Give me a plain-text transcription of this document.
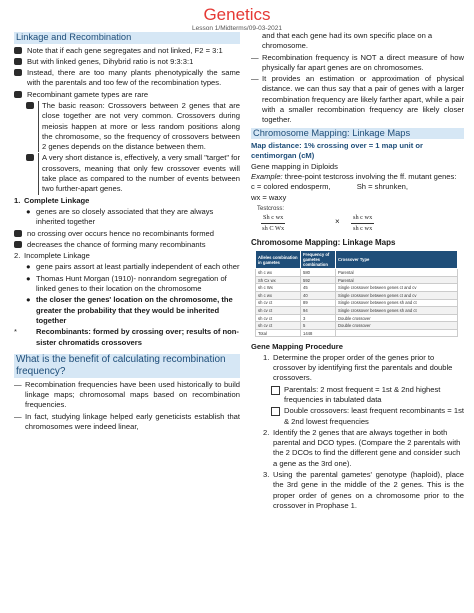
Genetics
Lesson 1/Midterms/09-03-2021
Linkage and Recombination
Note that if each gene segregates and not linked, F2 = 3:1
But with linked genes, Dihybrid ratio is not 9:3:3:1
Instead, there are too many plants phenotypically the same with the parentals and too few of the recombination types.
Recombinant gamete types are rare
The basic reason: Crossovers between 2 genes that are close together are not very common. Crossovers during meiosis happen at more or less random positions along the chromosome, so the frequency of crossovers between 2 genes depends on the distance between them.
A very short distance is, effectively, a very small "target" for crossovers, meaning that only few crossover events will take place as compared to the number of events between two further-apart genes.
1. Complete Linkage
● genes are so closely associated that they are always inherited together
no crossing over occurs hence no recombinants formed
decreases the chance of forming many recombinants
2. Incomplete Linkage
● gene pairs assort at least partially independent of each other
● Thomas Hunt Morgan (1910)- nonrandom segregation of linked genes to their location on the chromosome
● the closer the genes' location on the chromosome, the greater the probability that they would be inherited together
*	Recombinants: formed by crossing over; results of non-sister chromatids crossovers
What is the benefit of calculating recombination frequency?
— Recombination frequencies have been used historically to build linkage maps; chromosomal maps based on recombination frequencies.
— In fact, studying linkage helped early geneticists establish that chromosomes were indeed linear,
and that each gene had its own specific place on a chromosome.
— Recombination frequency is NOT a direct measure of how physically far apart genes are on chromosomes.
— It provides an estimation or approximation of physical distance. we can thus say that a pair of genes with a larger recombination frequency are likely farther apart, while a pair with a smaller recombination frequency are likely closer together.
Chromosome Mapping: Linkage Maps
Map distance: 1% crossing over = 1 map unit or centimorgan (cM)
Gene mapping in Diploids
Example: three-point testcross involving the ff. mutant genes:
c = colored endosperm,	Sh = shrunken,
wx = waxy
Testcross:
Sh c wx
sh C Wx
×	sh c wx
sh c wx
Chromosome Mapping: Linkage Maps
Alleles combination in gametes	Frequency of gametes combination	Crossover Type
sh c wx	580	Parental
Sh Cx wx	592	Parental
sh c Wx	45	Single crossover between genes ct and cv
sh c wx	40	Single crossover between genes ct and cv
sh cv ct	89	Single crossover between genes sh and ct
sh cv ct	94	Single crossover between genes sh and ct
sh cv ct	3	Double crossover
sh cv ct	5	Double crossover
Total	1448	
Gene Mapping Procedure
1. Determine the proper order of the genes prior to crossover by identifying first the parentals and double crossovers.
Parentals: 2 most frequent = 1st & 2nd highest frequencies in tabulated data
Double crossovers: least frequent recombinants = 1st & 2nd lowest frequencies
2. Identify the 2 genes that are always together in both parental and DCO types. (Compare the 2 parentals with the 2 DCOs to find the different gene and consider such a gene as the 3rd one).
3. Using the parental gametes' genotype (haploid), place the 3rd gene in the middle of the 2 genes. This is the proper order of genes on a chromosome prior to the crossover in Prophase 1.
